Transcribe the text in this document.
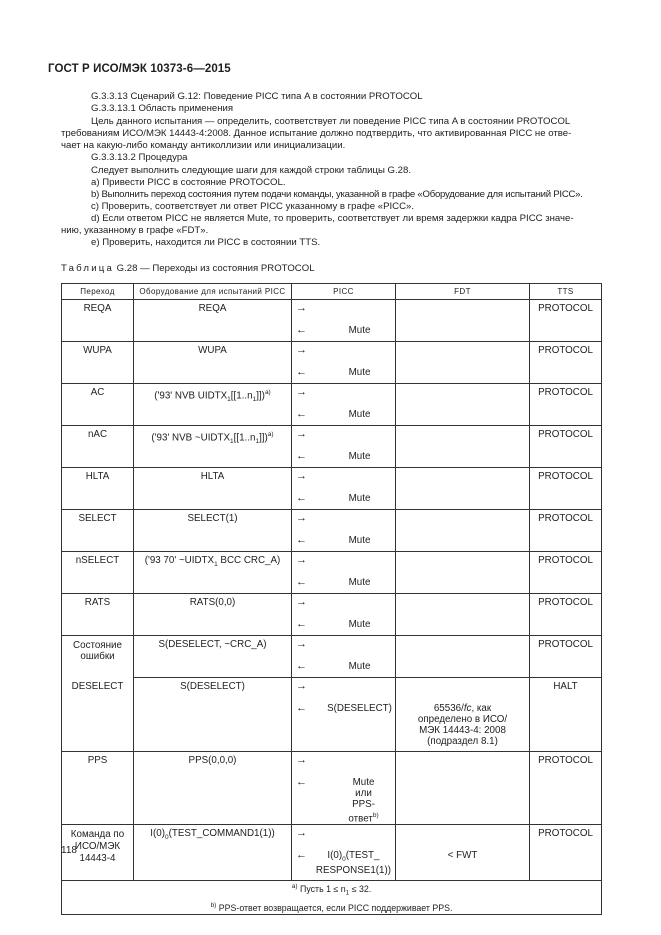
ГОСТ Р ИСО/МЭК 10373-6—2015
G.3.3.13 Сценарий G.12: Поведение PICC типа A в состоянии PROTOCOL
G.3.3.13.1 Область применения
Цель данного испытания — определить, соответствует ли поведение PICC типа A в состоянии PROTOCOL
требованиям ИСО/МЭК 14443-4:2008. Данное испытание должно подтвердить, что активированная PICC не отве-
чает на какую-либо команду антиколлизии или инициализации.
G.3.3.13.2 Процедура
Следует выполнить следующие шаги для каждой строки таблицы G.28.
a) Привести PICC в состояние PROTOCOL.
b) Выполнить переход состояния путем подачи команды, указанной в графе «Оборудование для испытаний PICC».
c) Проверить, соответствует ли ответ PICC указанному в графе «PICC».
d) Если ответом PICC не является Mute, то проверить, соответствует ли время задержки кадра PICC значе-
нию, указанному в графе «FDT».
e) Проверить, находится ли PICC в состоянии TTS.
Таблица G.28 — Переходы из состояния PROTOCOL
Переход	Оборудование для испытаний PICC	PICC	FDT	TTS
REQA	REQA	→		PROTOCOL

		← Mute		

WUPA	WUPA	→		PROTOCOL

		← Mute		

AC	('93' NVB $UIDTX_1[[1..n_1]])^{a)}$	→		PROTOCOL

		← Mute		

nAC	('93' NVB $\sim UIDTX_1[[1..n_1]])^{a)}$	→		PROTOCOL

		← Mute		

HLTA	HLTA	→		PROTOCOL

		← Mute		

SELECT	SELECT(1)	→		PROTOCOL

		← Mute		

nSELECT	('93 70' $\sim UIDTX_1$ BCC CRC_A)	→		PROTOCOL

		← Mute		

RATS	RATS(0,0)	→		PROTOCOL

		← Mute		

Состояние ошибки	S(DESELECT, ~CRC_A)	→		PROTOCOL

		← Mute		

DESELECT	S(DESELECT)	→		HALT

		← S(DESELECT)	65536/fc, как определено в ИСО/МЭК 14443-4: 2008 (подраздел 8.1)	
PPS	PPS(0,0,0)	→		PROTOCOL

		← Mute или PPS-ответ$^{b)}$

Команда по ИСО/МЭК 14443-4	$I(0)_0(TEST\_COMMAND1(1))$	→		PROTOCOL

		← $I(0)_0(TEST\_$ RESPONSE1(1))	< FWT	

$^{a)}$ Пусть $1 \le n_1 \le 32$.
$^{b)}$ PPS-ответ возвращается, если PICC поддерживает PPS.				
118
